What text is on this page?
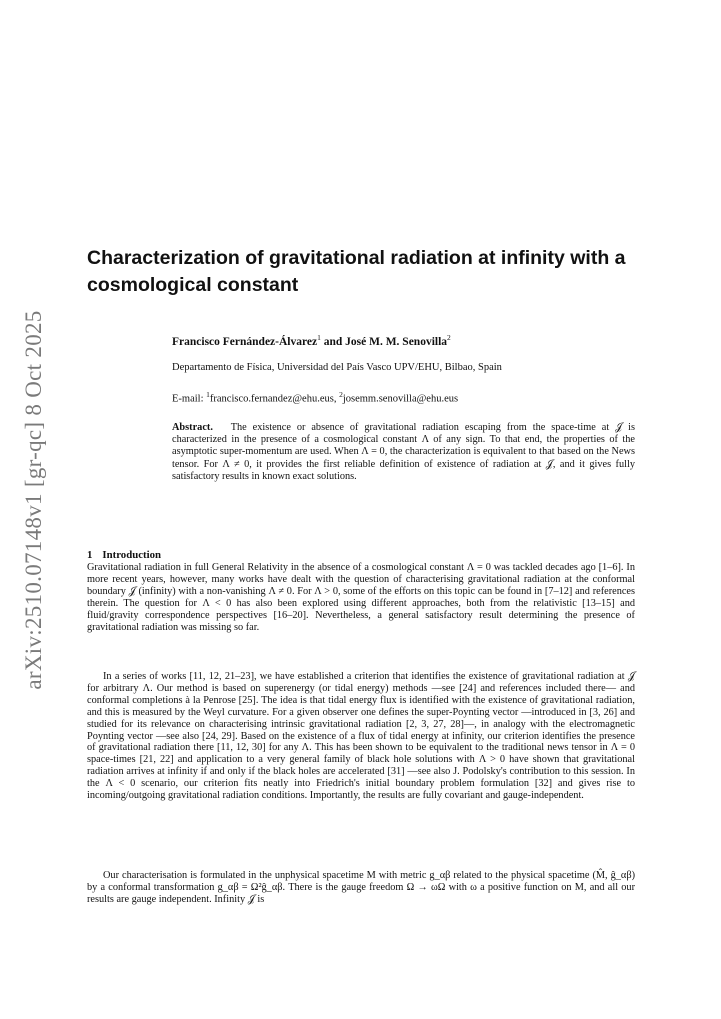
arXiv:2510.07148v1 [gr-qc] 8 Oct 2025
Characterization of gravitational radiation at infinity with a cosmological constant

Francisco Fernández-Álvarez$^1$ and José M. M. Senovilla$^2$

Departamento de Física, Universidad del País Vasco UPV/EHU, Bilbao, Spain

E-mail: $^1$francisco.fernandez@ehu.eus, $^2$josemm.senovilla@ehu.eus

Abstract. The existence or absence of gravitational radiation escaping from the space-time at 𝒥 is characterized in the presence of a cosmological constant Λ of any sign. To that end, the properties of the asymptotic super-momentum are used. When Λ = 0, the characterization is equivalent to that based on the News tensor. For Λ ≠ 0, it provides the first reliable definition of existence of radiation at 𝒥, and it gives fully satisfactory results in known exact solutions.

1 Introduction

Gravitational radiation in full General Relativity in the absence of a cosmological constant Λ = 0 was tackled decades ago [1–6]. In more recent years, however, many works have dealt with the question of characterising gravitational radiation at the conformal boundary 𝒥 (infinity) with a non-vanishing Λ ≠ 0. For Λ > 0, some of the efforts on this topic can be found in [7–12] and references therein. The question for Λ < 0 has also been explored using different approaches, both from the relativistic [13–15] and fluid/gravity correspondence perspectives [16–20]. Nevertheless, a general satisfactory result determining the presence of gravitational radiation was missing so far.

In a series of works [11, 12, 21–23], we have established a criterion that identifies the existence of gravitational radiation at 𝒥 for arbitrary Λ. Our method is based on superenergy (or tidal energy) methods —see [24] and references included there— and conformal completions à la Penrose [25]. The idea is that tidal energy flux is identified with the existence of gravitational radiation, and this is measured by the Weyl curvature. For a given observer one defines the super-Poynting vector —introduced in [3, 26] and studied for its relevance on characterising intrinsic gravitational radiation [2, 3, 27, 28]—, in analogy with the electromagnetic Poynting vector —see also [24, 29]. Based on the existence of a flux of tidal energy at infinity, our criterion identifies the presence of gravitational radiation there [11, 12, 30] for any Λ. This has been shown to be equivalent to the traditional news tensor in Λ = 0 space-times [21, 22] and application to a very general family of black hole solutions with Λ > 0 have shown that gravitational radiation arrives at infinity if and only if the black holes are accelerated [31] —see also J. Podolsky's contribution to this session. In the Λ < 0 scenario, our criterion fits neatly into Friedrich's initial boundary problem formulation [32] and gives rise to incoming/outgoing gravitational radiation conditions. Importantly, the results are fully covariant and gauge-independent.

Our characterisation is formulated in the unphysical spacetime M with metric g_αβ related to the physical spacetime (M̂, ĝ_αβ) by a conformal transformation g_αβ = Ω²ĝ_αβ. There is the gauge freedom Ω → ωΩ with ω a positive function on M, and all our results are gauge independent. Infinity 𝒥 is
